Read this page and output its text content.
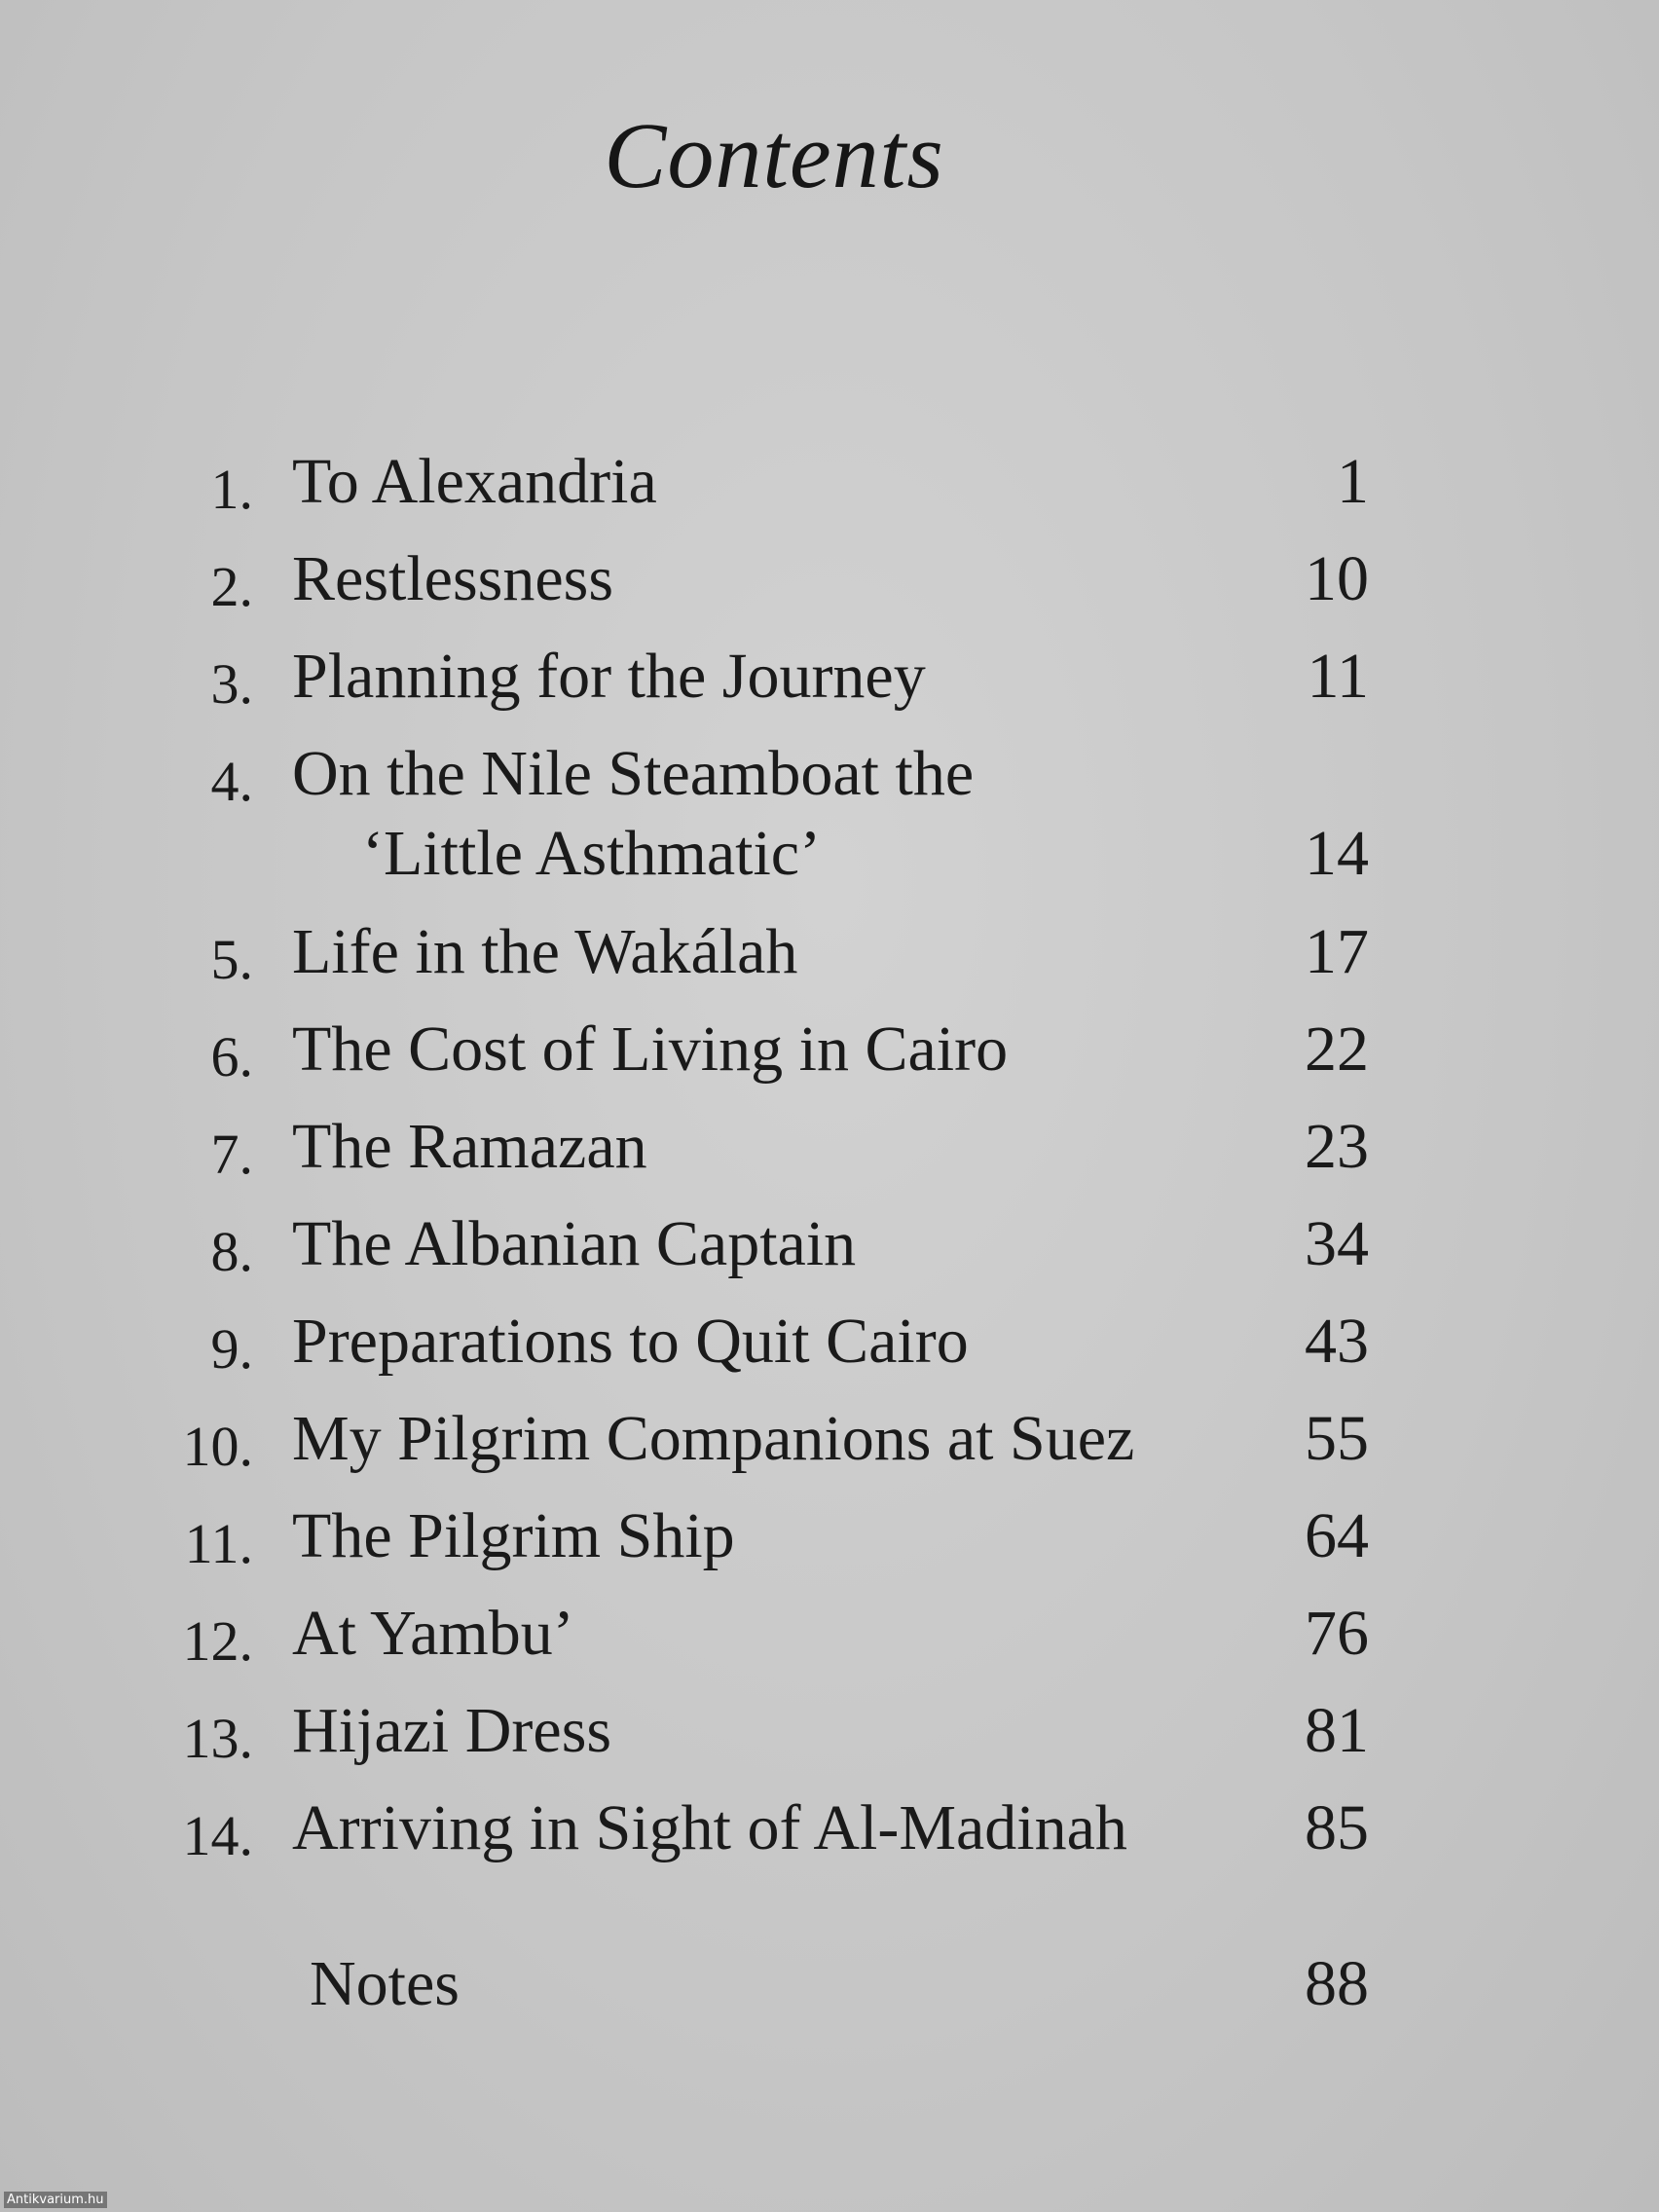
Contents
1. To Alexandria	1
2. Restlessness	10
3. Planning for the Journey	11
4. On the Nile Steamboat the
‘Little Asthmatic’	14
5. Life in the Wakálah	17
6. The Cost of Living in Cairo	22
7. The Ramazan	23
8. The Albanian Captain	34
9. Preparations to Quit Cairo	43
10. My Pilgrim Companions at Suez	55
11. The Pilgrim Ship	64
12. At Yambu’	76
13. Hijazi Dress	81
14. Arriving in Sight of Al-Madinah	85
Notes	88
Antikvarium.hu
